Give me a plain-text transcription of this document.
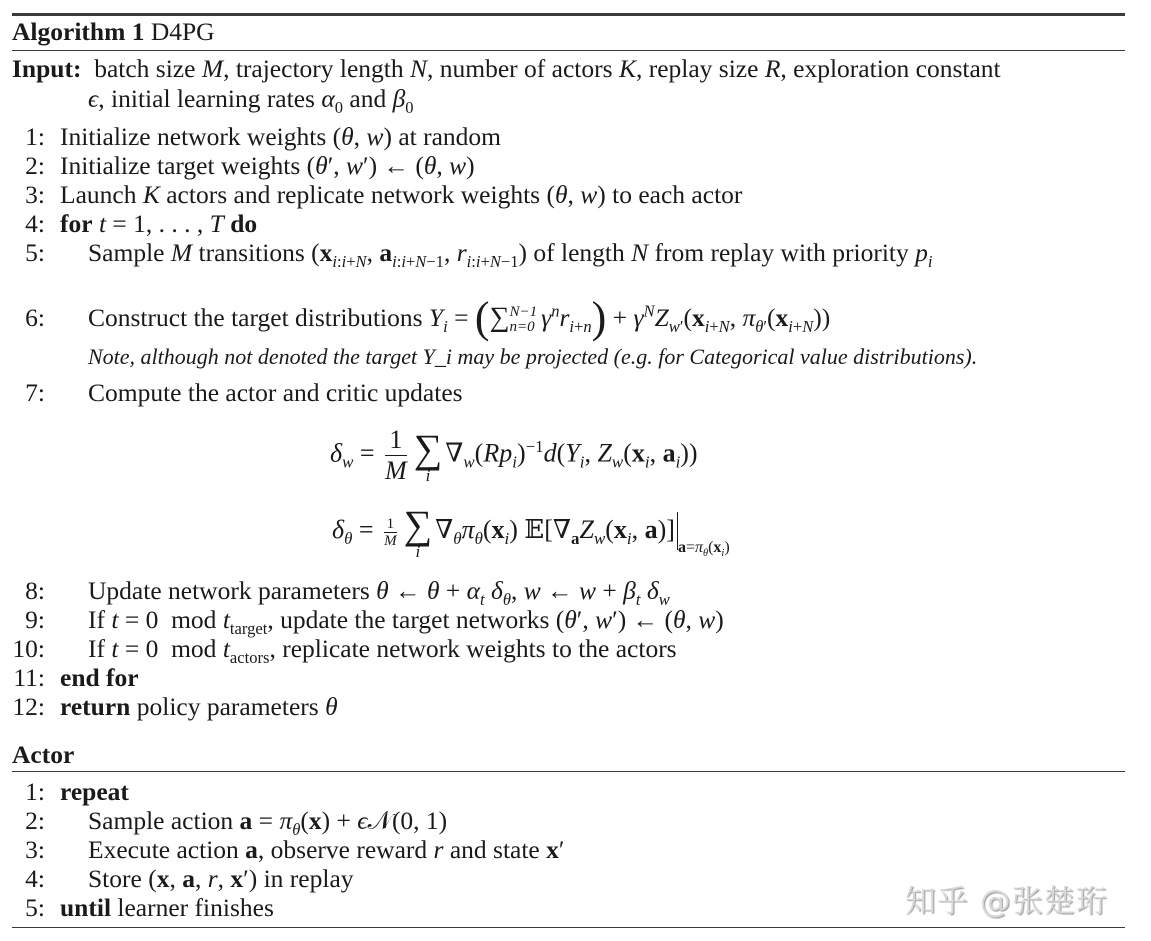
Algorithm 1 D4PG
Input: batch size M, trajectory length N, number of actors K, replay size R, exploration constant
ϵ, initial learning rates $\alpha_0$ and $\beta_0$
1: Initialize network weights (θ, w) at random
2: Initialize target weights (θ′, w′) ← (θ, w)
3: Launch K actors and replicate network weights (θ, w) to each actor
4: for t = 1, . . . , T do
5: Sample M transitions ($x_{i:i+N}$, $a_{i:i+N-1}$, $r_{i:i+N-1}$) of length N from replay with priority $p_i$
6: Construct the target distributions $Y_i$ = (∑ N−1
n=0 $\gamma^nr_{i+n}) + \gamma^NZ_{w'}(x_{i+N}$, $\pi_{\theta'}(x_{i+N})$)
Note, although not denoted the target Y_i may be projected (e.g. for Categorical value distributions).
7: Compute the actor and critic updates
$\delta_w = \frac{1}{M}$ ∑
i
$\nabla_w(Rp_i)^{-1}d(Y_i$, $Z_w(x_i$, $a_i$))
$\delta_\theta = \frac{1}{M}$ ∑
i
$\nabla_\theta\pi_\theta(x_i)$ $𝔼[\nabla_aZ_w(x_i$, $a)]_{a=\pi_\theta(x_i)}$
8: Update network parameters θ ← $\theta + \alpha_t$ $\delta_\theta$, w ← $w + \beta_t$ $\delta_w$
9: If t = 0  mod $t_{target}$, update the target networks (θ′, w′) ← (θ, w)
10: If t = 0  mod $t_{actors}$, replicate network weights to the actors
11: end for
12: return policy parameters θ
Actor
1: repeat
2: Sample action $a = \pi_\theta(x)$ + ϵ𝒩(0, 1)
3: Execute action a, observe reward r and state x′
4: Store (x, a, r, x′) in replay
5: until learner finishes	知乎 @张楚珩
